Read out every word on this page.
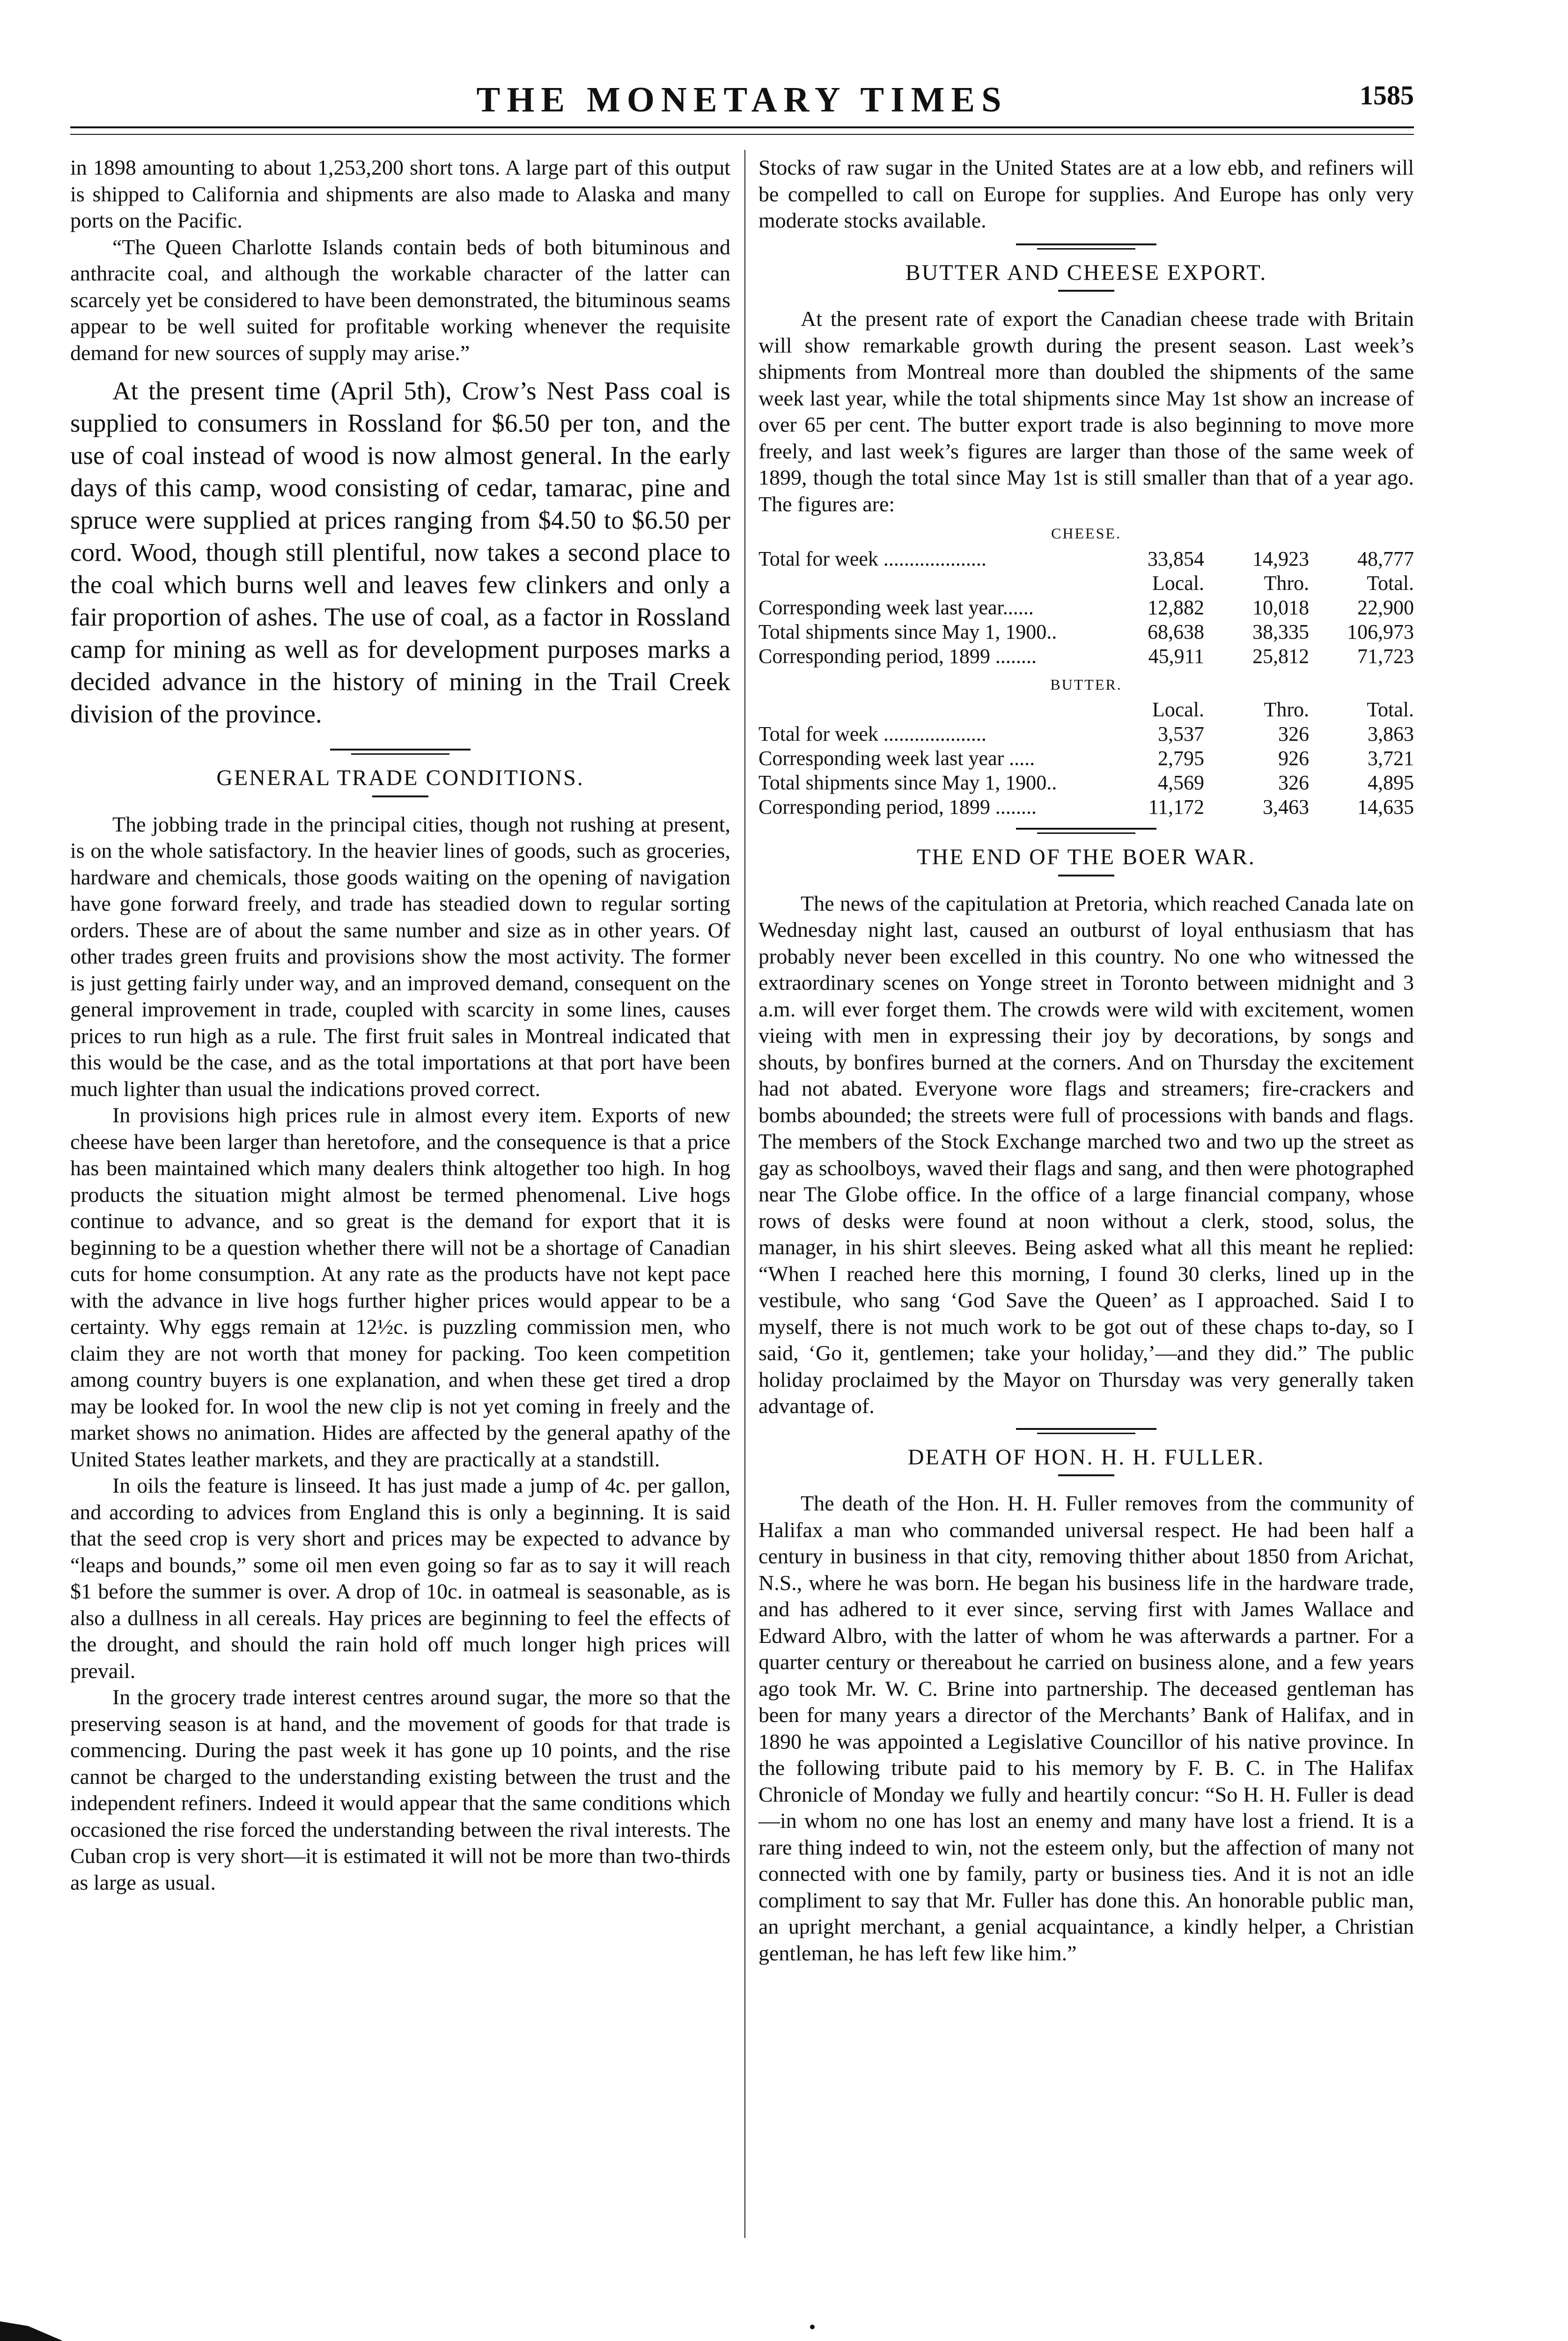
THE MONETARY TIMES	1585

in 1898 amounting to about 1,253,200 short tons. A large part of this output is shipped to California and shipments are also made to Alaska and many ports on the Pacific.

“The Queen Charlotte Islands contain beds of both bituminous and anthracite coal, and although the workable character of the latter can scarcely yet be considered to have been demonstrated, the bituminous seams appear to be well suited for profitable working whenever the requisite demand for new sources of supply may arise.”

At the present time (April 5th), Crow’s Nest Pass coal is supplied to consumers in Rossland for $6.50 per ton, and the use of coal instead of wood is now almost general. In the early days of this camp, wood consisting of cedar, tamarac, pine and spruce were supplied at prices ranging from $4.50 to $6.50 per cord. Wood, though still plentiful, now takes a second place to the coal which burns well and leaves few clinkers and only a fair proportion of ashes. The use of coal, as a factor in Rossland camp for mining as well as for development purposes marks a decided advance in the history of mining in the Trail Creek division of the province.

GENERAL TRADE CONDITIONS.

The jobbing trade in the principal cities, though not rushing at present, is on the whole satisfactory. In the heavier lines of goods, such as groceries, hardware and chemicals, those goods waiting on the opening of navigation have gone forward freely, and trade has steadied down to regular sorting orders. These are of about the same number and size as in other years. Of other trades green fruits and provisions show the most activity. The former is just getting fairly under way, and an improved demand, consequent on the general improvement in trade, coupled with scarcity in some lines, causes prices to run high as a rule. The first fruit sales in Montreal indicated that this would be the case, and as the total importations at that port have been much lighter than usual the indications proved correct.

In provisions high prices rule in almost every item. Exports of new cheese have been larger than heretofore, and the consequence is that a price has been maintained which many dealers think altogether too high. In hog products the situation might almost be termed phenomenal. Live hogs continue to advance, and so great is the demand for export that it is beginning to be a question whether there will not be a shortage of Canadian cuts for home consumption. At any rate as the products have not kept pace with the advance in live hogs further higher prices would appear to be a certainty. Why eggs remain at 12½c. is puzzling commission men, who claim they are not worth that money for packing. Too keen competition among country buyers is one explanation, and when these get tired a drop may be looked for. In wool the new clip is not yet coming in freely and the market shows no animation. Hides are affected by the general apathy of the United States leather markets, and they are practically at a standstill.

In oils the feature is linseed. It has just made a jump of 4c. per gallon, and according to advices from England this is only a beginning. It is said that the seed crop is very short and prices may be expected to advance by “leaps and bounds,” some oil men even going so far as to say it will reach $1 before the summer is over. A drop of 10c. in oatmeal is seasonable, as is also a dullness in all cereals. Hay prices are beginning to feel the effects of the drought, and should the rain hold off much longer high prices will prevail.

In the grocery trade interest centres around sugar, the more so that the preserving season is at hand, and the movement of goods for that trade is commencing. During the past week it has gone up 10 points, and the rise cannot be charged to the understanding existing between the trust and the independent refiners. Indeed it would appear that the same conditions which occasioned the rise forced the understanding between the rival interests. The Cuban crop is very short—it is estimated it will not be more than two-thirds as large as usual.

Stocks of raw sugar in the United States are at a low ebb, and refiners will be compelled to call on Europe for supplies. And Europe has only very moderate stocks available.

BUTTER AND CHEESE EXPORT.

At the present rate of export the Canadian cheese trade with Britain will show remarkable growth during the present season. Last week’s shipments from Montreal more than doubled the shipments of the same week last year, while the total shipments since May 1st show an increase of over 65 per cent. The butter export trade is also beginning to move more freely, and last week’s figures are larger than those of the same week of 1899, though the total since May 1st is still smaller than that of a year ago. The figures are:

CHEESE.
Total for week ....................	33,854	14,923	48,777
	Local.	Thro.	Total.
Corresponding week last year......	12,882	10,018	22,900
Total shipments since May 1, 1900..	68,638	38,335	106,973
Corresponding period, 1899 ........	45,911	25,812	71,723
BUTTER.
	Local.	Thro.	Total.
Total for week ....................	3,537	326	3,863
Corresponding week last year .....	2,795	926	3,721
Total shipments since May 1, 1900..	4,569	326	4,895
Corresponding period, 1899 ........	11,172	3,463	14,635
THE END OF THE BOER WAR.

The news of the capitulation at Pretoria, which reached Canada late on Wednesday night last, caused an outburst of loyal enthusiasm that has probably never been excelled in this country. No one who witnessed the extraordinary scenes on Yonge street in Toronto between midnight and 3 a.m. will ever forget them. The crowds were wild with excitement, women vieing with men in expressing their joy by decorations, by songs and shouts, by bonfires burned at the corners. And on Thursday the excitement had not abated. Everyone wore flags and streamers; fire-crackers and bombs abounded; the streets were full of processions with bands and flags. The members of the Stock Exchange marched two and two up the street as gay as schoolboys, waved their flags and sang, and then were photographed near The Globe office. In the office of a large financial company, whose rows of desks were found at noon without a clerk, stood, solus, the manager, in his shirt sleeves. Being asked what all this meant he replied: “When I reached here this morning, I found 30 clerks, lined up in the vestibule, who sang ‘God Save the Queen’ as I approached. Said I to myself, there is not much work to be got out of these chaps to-day, so I said, ‘Go it, gentlemen; take your holiday,’—and they did.” The public holiday proclaimed by the Mayor on Thursday was very generally taken advantage of.

DEATH OF HON. H. H. FULLER.

The death of the Hon. H. H. Fuller removes from the community of Halifax a man who commanded universal respect. He had been half a century in business in that city, removing thither about 1850 from Arichat, N.S., where he was born. He began his business life in the hardware trade, and has adhered to it ever since, serving first with James Wallace and Edward Albro, with the latter of whom he was afterwards a partner. For a quarter century or thereabout he carried on business alone, and a few years ago took Mr. W. C. Brine into partnership. The deceased gentleman has been for many years a director of the Merchants’ Bank of Halifax, and in 1890 he was appointed a Legislative Councillor of his native province. In the following tribute paid to his memory by F. B. C. in The Halifax Chronicle of Monday we fully and heartily concur: “So H. H. Fuller is dead—in whom no one has lost an enemy and many have lost a friend. It is a rare thing indeed to win, not the esteem only, but the affection of many not connected with one by family, party or business ties. And it is not an idle compliment to say that Mr. Fuller has done this. An honorable public man, an upright merchant, a genial acquaintance, a kindly helper, a Christian gentleman, he has left few like him.”
